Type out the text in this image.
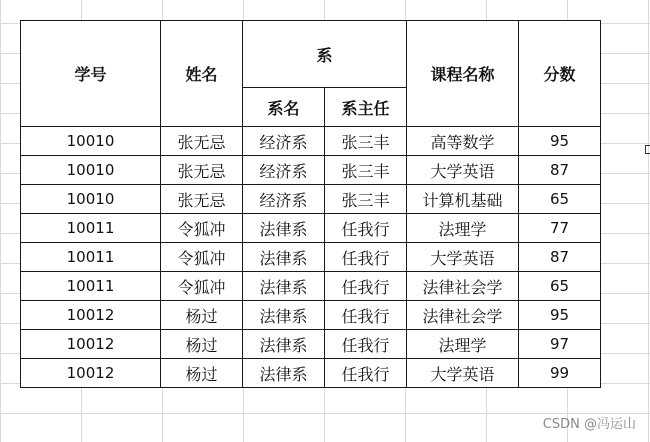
学号	姓名	系		课程名称	分数
		系名	系主任		
10010	张无忌	经济系	张三丰	高等数学	95
10010	张无忌	经济系	张三丰	大学英语	87
10010	张无忌	经济系	张三丰	计算机基础	65
10011	令狐冲	法律系	任我行	法理学	77
10011	令狐冲	法律系	任我行	大学英语	87
10011	令狐冲	法律系	任我行	法律社会学	65
10012	杨过	法律系	任我行	法律社会学	95
10012	杨过	法律系	任我行	法理学	97
10012	杨过	法律系	任我行	大学英语	99
CSDN @冯运山
